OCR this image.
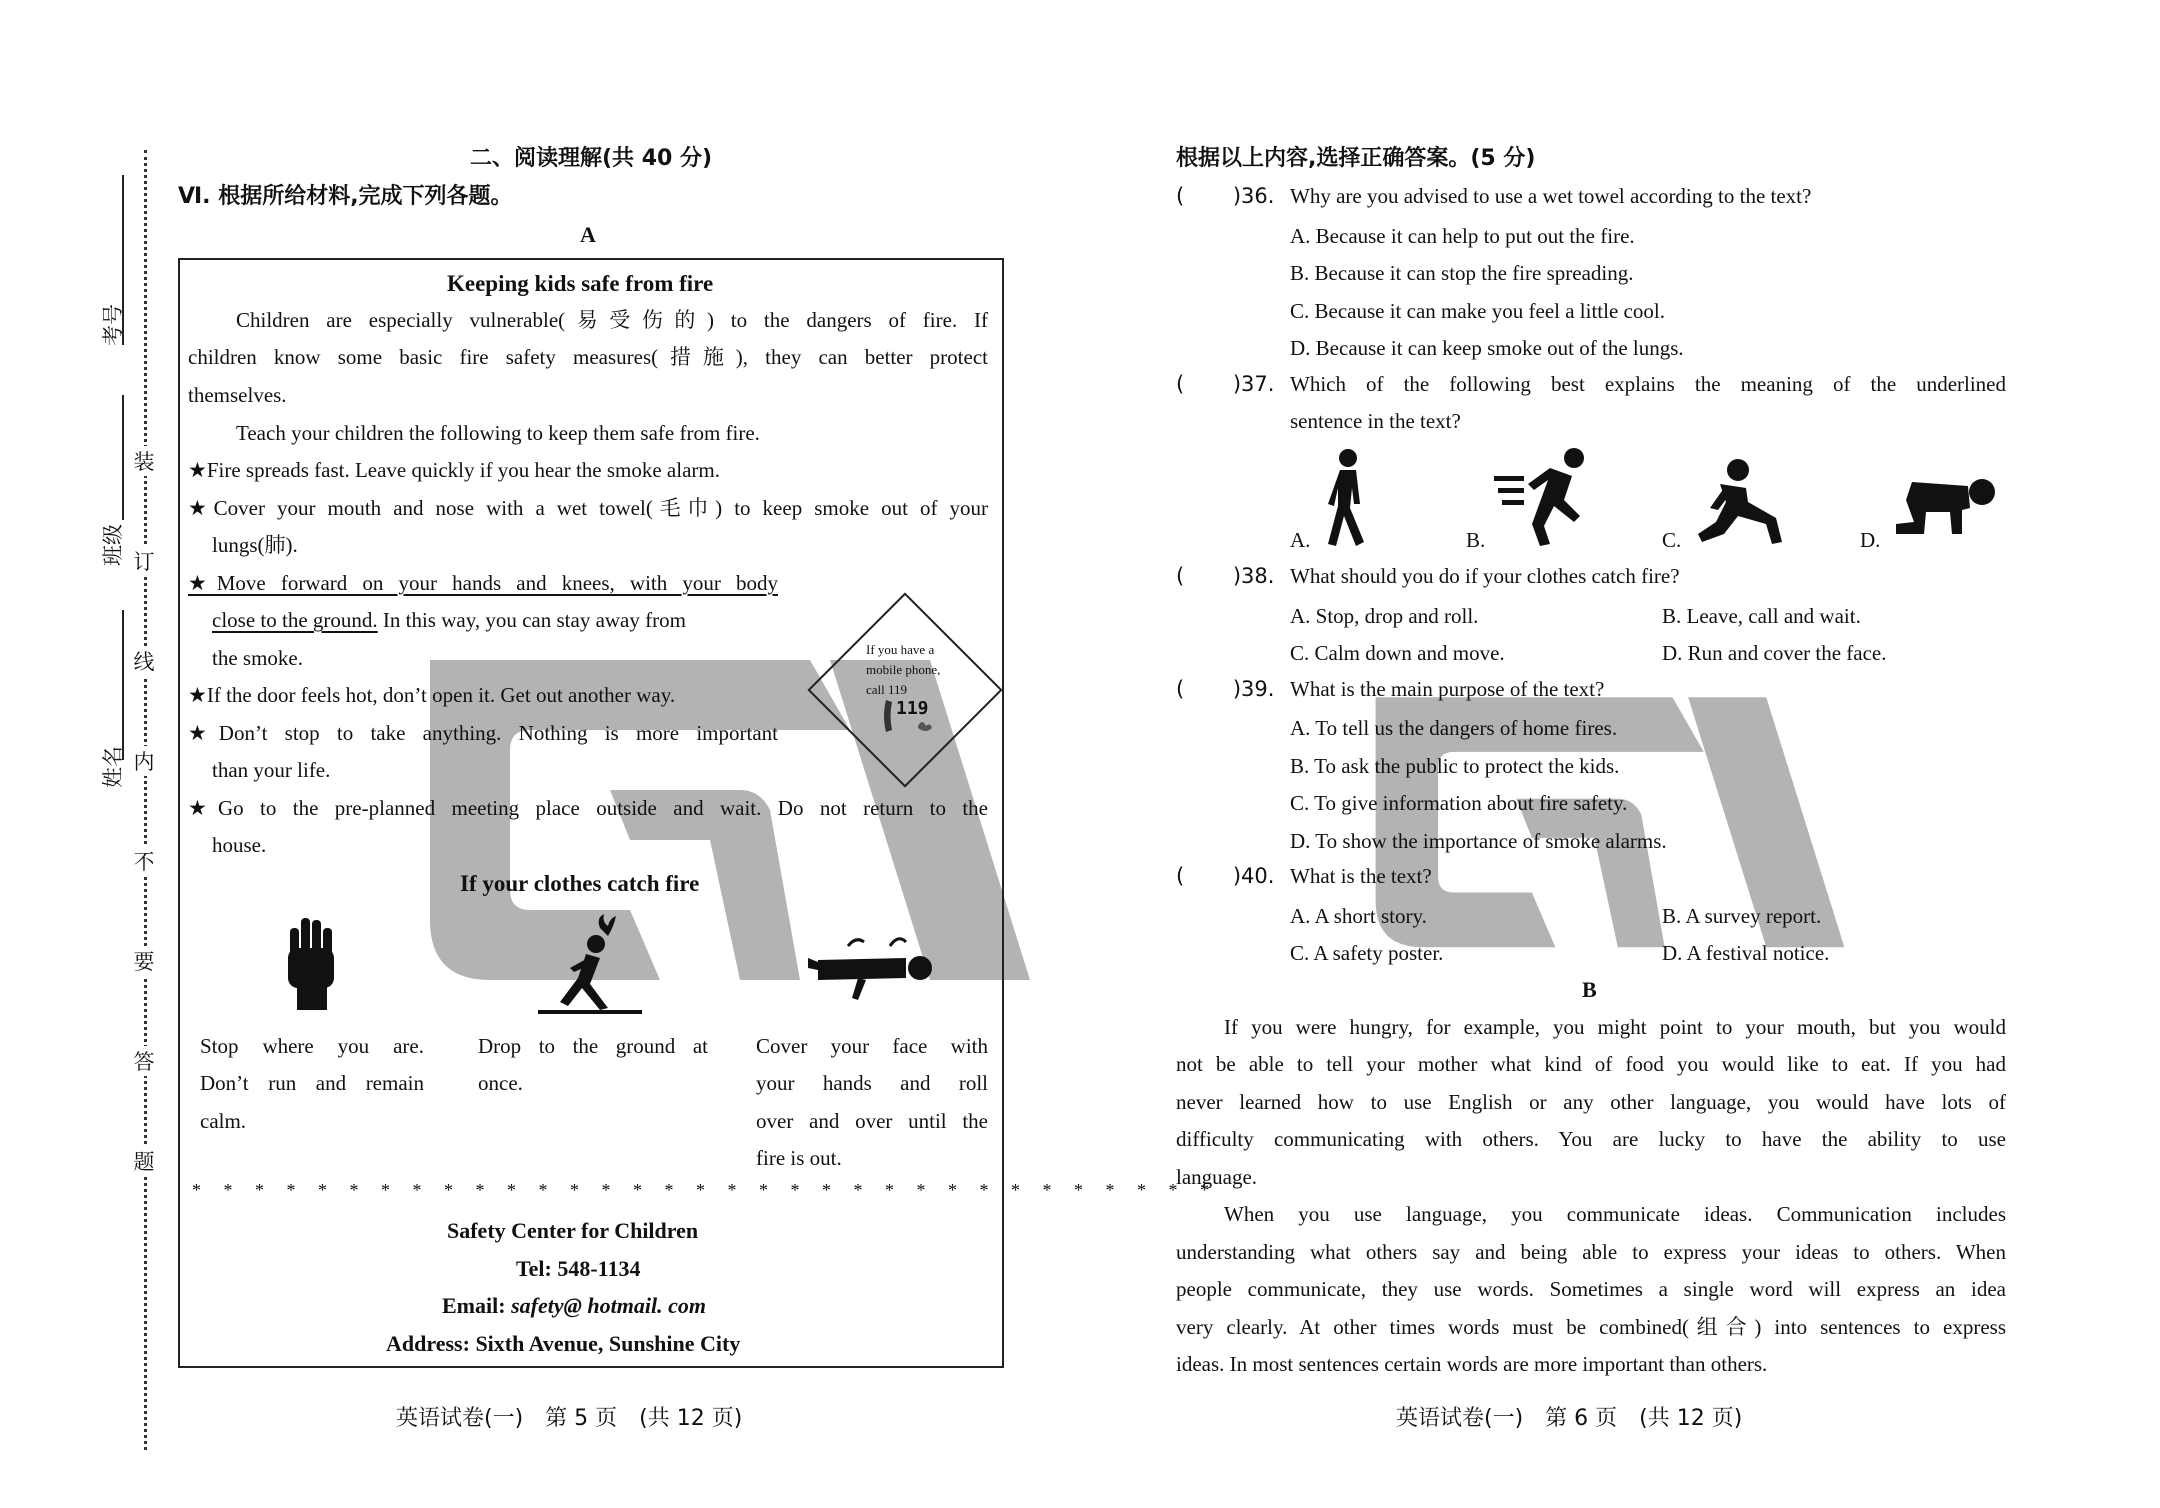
考号
班级
姓名
装
订
线
内
不
要
答
题
二、阅读理解(共 40 分)
Ⅵ. 根据所给材料,完成下列各题。
A
Keeping kids safe from fire
Children are especially vulnerable(易受伤的) to the dangers of fire. If
children know some basic fire safety measures(措施), they can better protect
themselves.
Teach your children the following to keep them safe from fire.
★Fire spreads fast. Leave quickly if you hear the smoke alarm.
★Cover your mouth and nose with a wet towel(毛巾) to keep smoke out of your
lungs(肺).
★Move forward on your hands and knees, with your body
close to the ground. In this way, you can stay away from
the smoke.
★If the door feels hot, don’t open it. Get out another way.
★Don’t stop to take anything. Nothing is more important
than your life.
★Go to the pre-planned meeting place outside and wait. Do not return to the
house.
If you have a
mobile phone,
call 119
119
If your clothes catch fire
Stop where you are.
Don’t run and remain
calm.
Drop to the ground at
once.
Cover your face with
your hands and roll
over and over until the
fire is out.
* * * * * * * * * * * * * * * * * * * * * * * * * * * * * * * * *
Safety Center for Children
Tel: 548-1134
Email: safety@ hotmail. com
Address: Sixth Avenue, Sunshine City
英语试卷(一)　第 5 页　(共 12 页)
根据以上内容,选择正确答案。(5 分)
( 　　)36. Why are you advised to use a wet towel according to the text?
A. Because it can help to put out the fire.
B. Because it can stop the fire spreading.
C. Because it can make you feel a little cool.
D. Because it can keep smoke out of the lungs.
( 　　)37. Which of the following best explains the meaning of the underlined
sentence in the text?
A.	B.	C.	D.
( 　　)38. What should you do if your clothes catch fire?
A. Stop, drop and roll.	B. Leave, call and wait.
C. Calm down and move.	D. Run and cover the face.
( 　　)39. What is the main purpose of the text?
A. To tell us the dangers of home fires.
B. To ask the public to protect the kids.
C. To give information about fire safety.
D. To show the importance of smoke alarms.
( 　　)40. What is the text?
A. A short story.	B. A survey report.
C. A safety poster.	D. A festival notice.
B
If you were hungry, for example, you might point to your mouth, but you would
not be able to tell your mother what kind of food you would like to eat. If you had
never learned how to use English or any other language, you would have lots of
difficulty communicating with others. You are lucky to have the ability to use
language.
When you use language, you communicate ideas. Communication includes
understanding what others say and being able to express your ideas to others. When
people communicate, they use words. Sometimes a single word will express an idea
very clearly. At other times words must be combined(组合) into sentences to express
ideas. In most sentences certain words are more important than others.
英语试卷(一)　第 6 页　(共 12 页)
